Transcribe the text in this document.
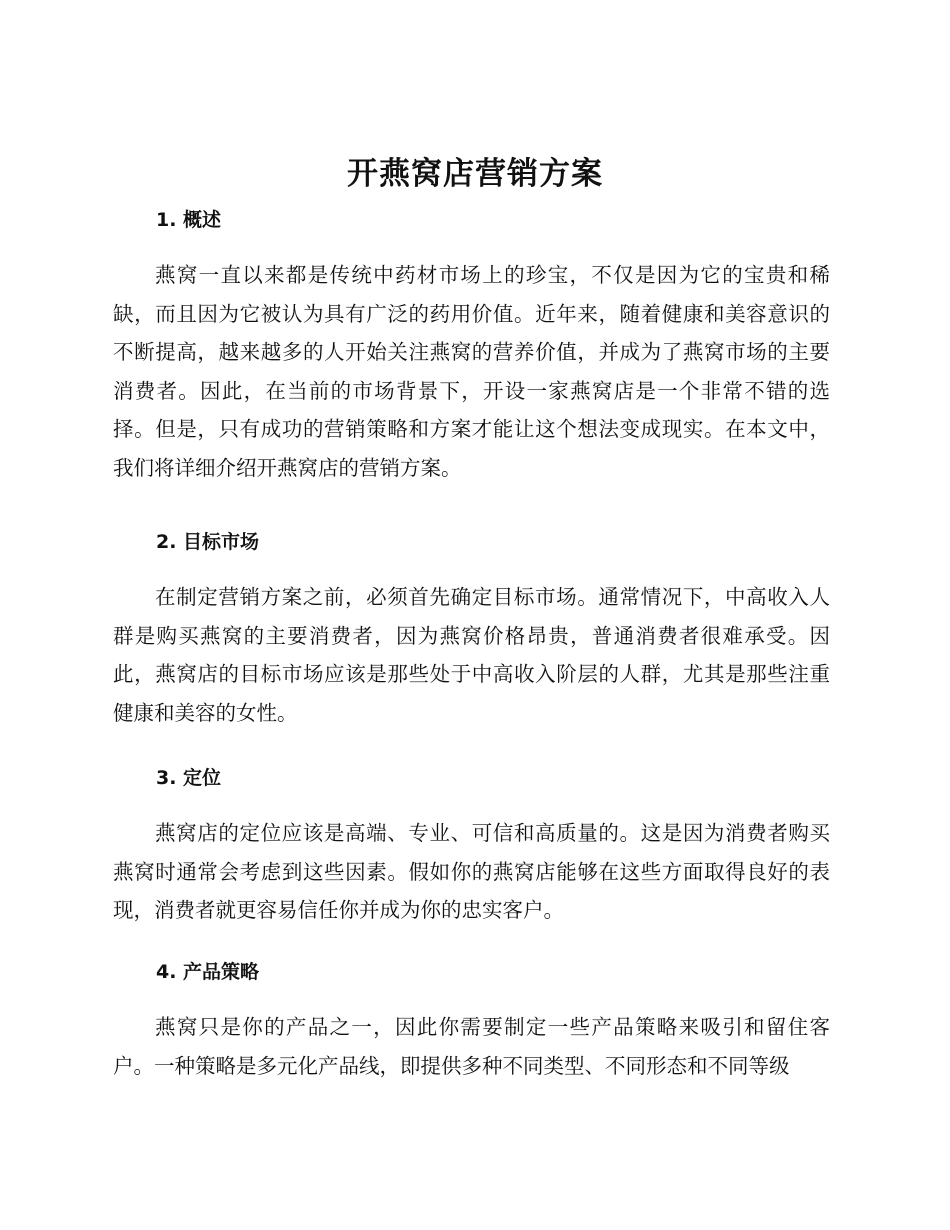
开燕窝店营销方案
1. 概述

燕窝一直以来都是传统中药材市场上的珍宝，不仅是因为它的宝贵和稀缺，而且因为它被认为具有广泛的药用价值。近年来，随着健康和美容意识的不断提高，越来越多的人开始关注燕窝的营养价值，并成为了燕窝市场的主要消费者。因此，在当前的市场背景下，开设一家燕窝店是一个非常不错的选择。但是，只有成功的营销策略和方案才能让这个想法变成现实。在本文中，我们将详细介绍开燕窝店的营销方案。

2. 目标市场

在制定营销方案之前，必须首先确定目标市场。通常情况下，中高收入人群是购买燕窝的主要消费者，因为燕窝价格昂贵，普通消费者很难承受。因此，燕窝店的目标市场应该是那些处于中高收入阶层的人群，尤其是那些注重健康和美容的女性。

3. 定位

燕窝店的定位应该是高端、专业、可信和高质量的。这是因为消费者购买燕窝时通常会考虑到这些因素。假如你的燕窝店能够在这些方面取得良好的表现，消费者就更容易信任你并成为你的忠实客户。

4. 产品策略

燕窝只是你的产品之一，因此你需要制定一些产品策略来吸引和留住客户。一种策略是多元化产品线，即提供多种不同类型、不同形态和不同等级
